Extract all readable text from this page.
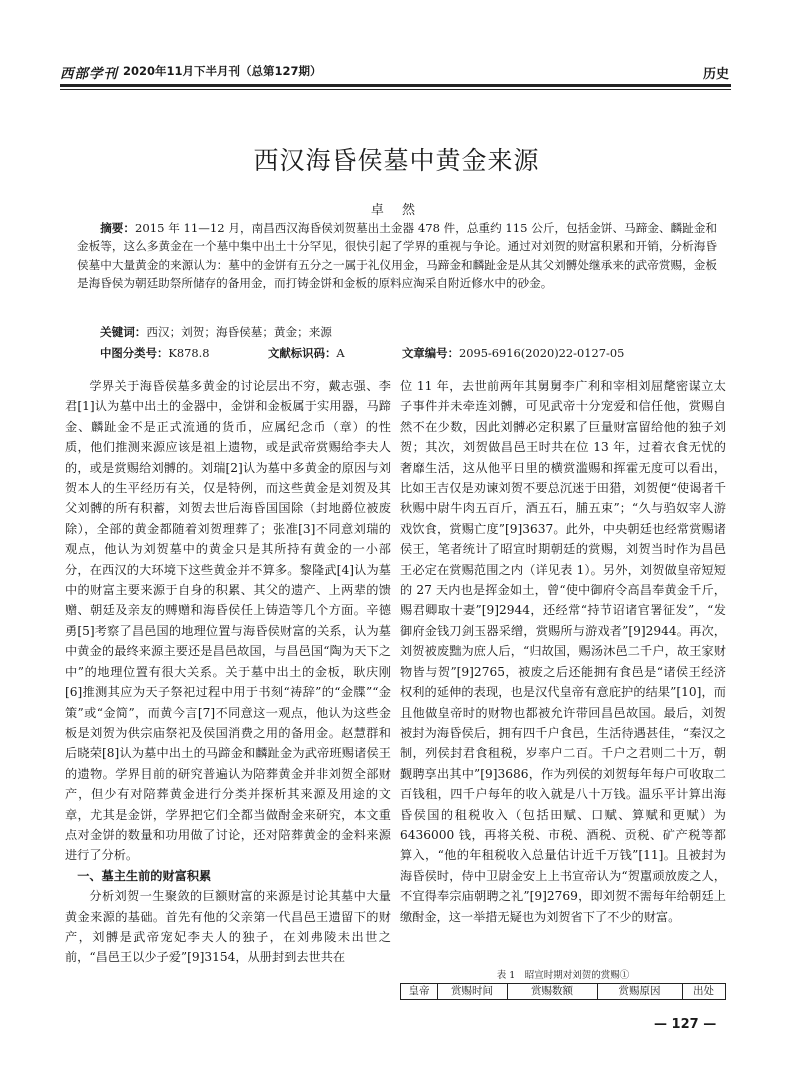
西部学刊 2020年11月下半月刊（总第127期）	历史
西汉海昏侯墓中黄金来源
卓 然
摘要：2015 年 11—12 月，南昌西汉海昏侯刘贺墓出土金器 478 件，总重约 115 公斤，包括金饼、马蹄金、麟趾金和金板等，这么多黄金在一个墓中集中出土十分罕见，很快引起了学界的重视与争论。通过对刘贺的财富积累和开销，分析海昏侯墓中大量黄金的来源认为：墓中的金饼有五分之一属于礼仪用金，马蹄金和麟趾金是从其父刘髆处继承来的武帝赏赐，金板是海昏侯为朝廷助祭所储存的备用金，而打铸金饼和金板的原料应淘采自附近修水中的砂金。
关键词：西汉；刘贺；海昏侯墓；黄金；来源
中图分类号：K878.8	文献标识码：A	文章编号：2095-6916(2020)22-0127-05

学界关于海昏侯墓多黄金的讨论层出不穷，戴志强、李君[1]认为墓中出土的金器中，金饼和金板属于实用器，马蹄金、麟趾金不是正式流通的货币，应属纪念币（章）的性质，他们推测来源应该是祖上遗物，或是武帝赏赐给李夫人的，或是赏赐给刘髆的。刘瑞[2]认为墓中多黄金的原因与刘贺本人的生平经历有关，仅是特例，而这些黄金是刘贺及其父刘髆的所有积蓄，刘贺去世后海昏国国除（封地爵位被废除），全部的黄金都随着刘贺理葬了；张准[3]不同意刘瑞的观点，他认为刘贺墓中的黄金只是其所持有黄金的一小部分，在西汉的大环境下这些黄金并不算多。黎隆武[4]认为墓中的财富主要来源于自身的积累、其父的遗产、上两辈的馈赠、朝廷及亲友的赙赠和海昏侯任上铸造等几个方面。辛德勇[5]考察了昌邑国的地理位置与海昏侯财富的关系，认为墓中黄金的最终来源主要还是昌邑故国，与昌邑国“陶为天下之中”的地理位置有很大关系。关于墓中出土的金板，耿庆刚[6]推测其应为天子祭祀过程中用于书刻“祷辞”的“金牒”“金策”或“金简”，而黄今言[7]不同意这一观点，他认为这些金板是刘贺为供宗庙祭祀及侯国消费之用的备用金。赵慧群和后晓荣[8]认为墓中出土的马蹄金和麟趾金为武帝班赐诸侯王的遗物。学界目前的研究普遍认为陪葬黄金并非刘贺全部财产，但少有对陪葬黄金进行分类并探析其来源及用途的文章，尤其是金饼，学界把它们全都当做酎金来研究，本文重点对金饼的数量和功用做了讨论，还对陪葬黄金的金料来源进行了分析。

一、墓主生前的财富积累

分析刘贺一生聚敛的巨额财富的来源是讨论其墓中大量黄金来源的基础。首先有他的父亲第一代昌邑王遗留下的财产，刘髆是武帝宠妃李夫人的独子，在刘弗陵未出世之前，“昌邑王以少子爱”[9]3154，从册封到去世共在

位 11 年，去世前两年其舅舅李广利和宰相刘屈氂密谋立太子事件并未牵连刘髆，可见武帝十分宠爱和信任他，赏赐自然不在少数，因此刘髆必定积累了巨量财富留给他的独子刘贺；其次，刘贺做昌邑王时共在位 13 年，过着衣食无忧的奢靡生活，这从他平日里的横赏滥赐和挥霍无度可以看出，比如王吉仅是劝谏刘贺不要总沉迷于田猎，刘贺便“使谒者千秋赐中尉牛肉五百斤，酒五石，脯五束”；“久与驺奴宰人游戏饮食，赏赐亡度”[9]3637。此外，中央朝廷也经常赏赐诸侯王，笔者统计了昭宣时期朝廷的赏赐，刘贺当时作为昌邑王必定在赏赐范围之内（详见表 1）。另外，刘贺做皇帝短短的 27 天内也是挥金如土，曾“使中御府令高昌奉黄金千斤，赐君卿取十妻”[9]2944，还经常“持节诏诸官署征发”，“发御府金钱刀剑玉器采缯，赏赐所与游戏者”[9]2944。再次，刘贺被废黜为庶人后，“归故国，赐汤沐邑二千户，故王家财物皆与贺”[9]2765，被废之后还能拥有食邑是“诸侯王经济权利的延伸的表现，也是汉代皇帝有意庇护的结果”[10]，而且他做皇帝时的财物也都被允许带回昌邑故国。最后，刘贺被封为海昏侯后，拥有四千户食邑，生活待遇甚佳，“秦汉之制，列侯封君食租税，岁率户二百。千户之君则二十万，朝觐聘享出其中”[9]3686，作为列侯的刘贺每年每户可收取二百钱租，四千户每年的收入就是八十万钱。温乐平计算出海昏侯国的租税收入（包括田赋、口赋、算赋和更赋）为 6436000 钱，再将关税、市税、酒税、贡税、矿产税等都算入，“他的年租税收入总量估计近千万钱”[11]。且被封为海昏侯时，侍中卫尉金安上上书宣帝认为“贺嚚顽放废之人，不宜得奉宗庙朝聘之礼”[9]2769，即刘贺不需每年给朝廷上缴酎金，这一举措无疑也为刘贺省下了不少的财富。

表 1　昭宣时期对刘贺的赏赐①
皇帝	赏赐时间	赏赐数额	赏赐原因	出处
— 127 —
